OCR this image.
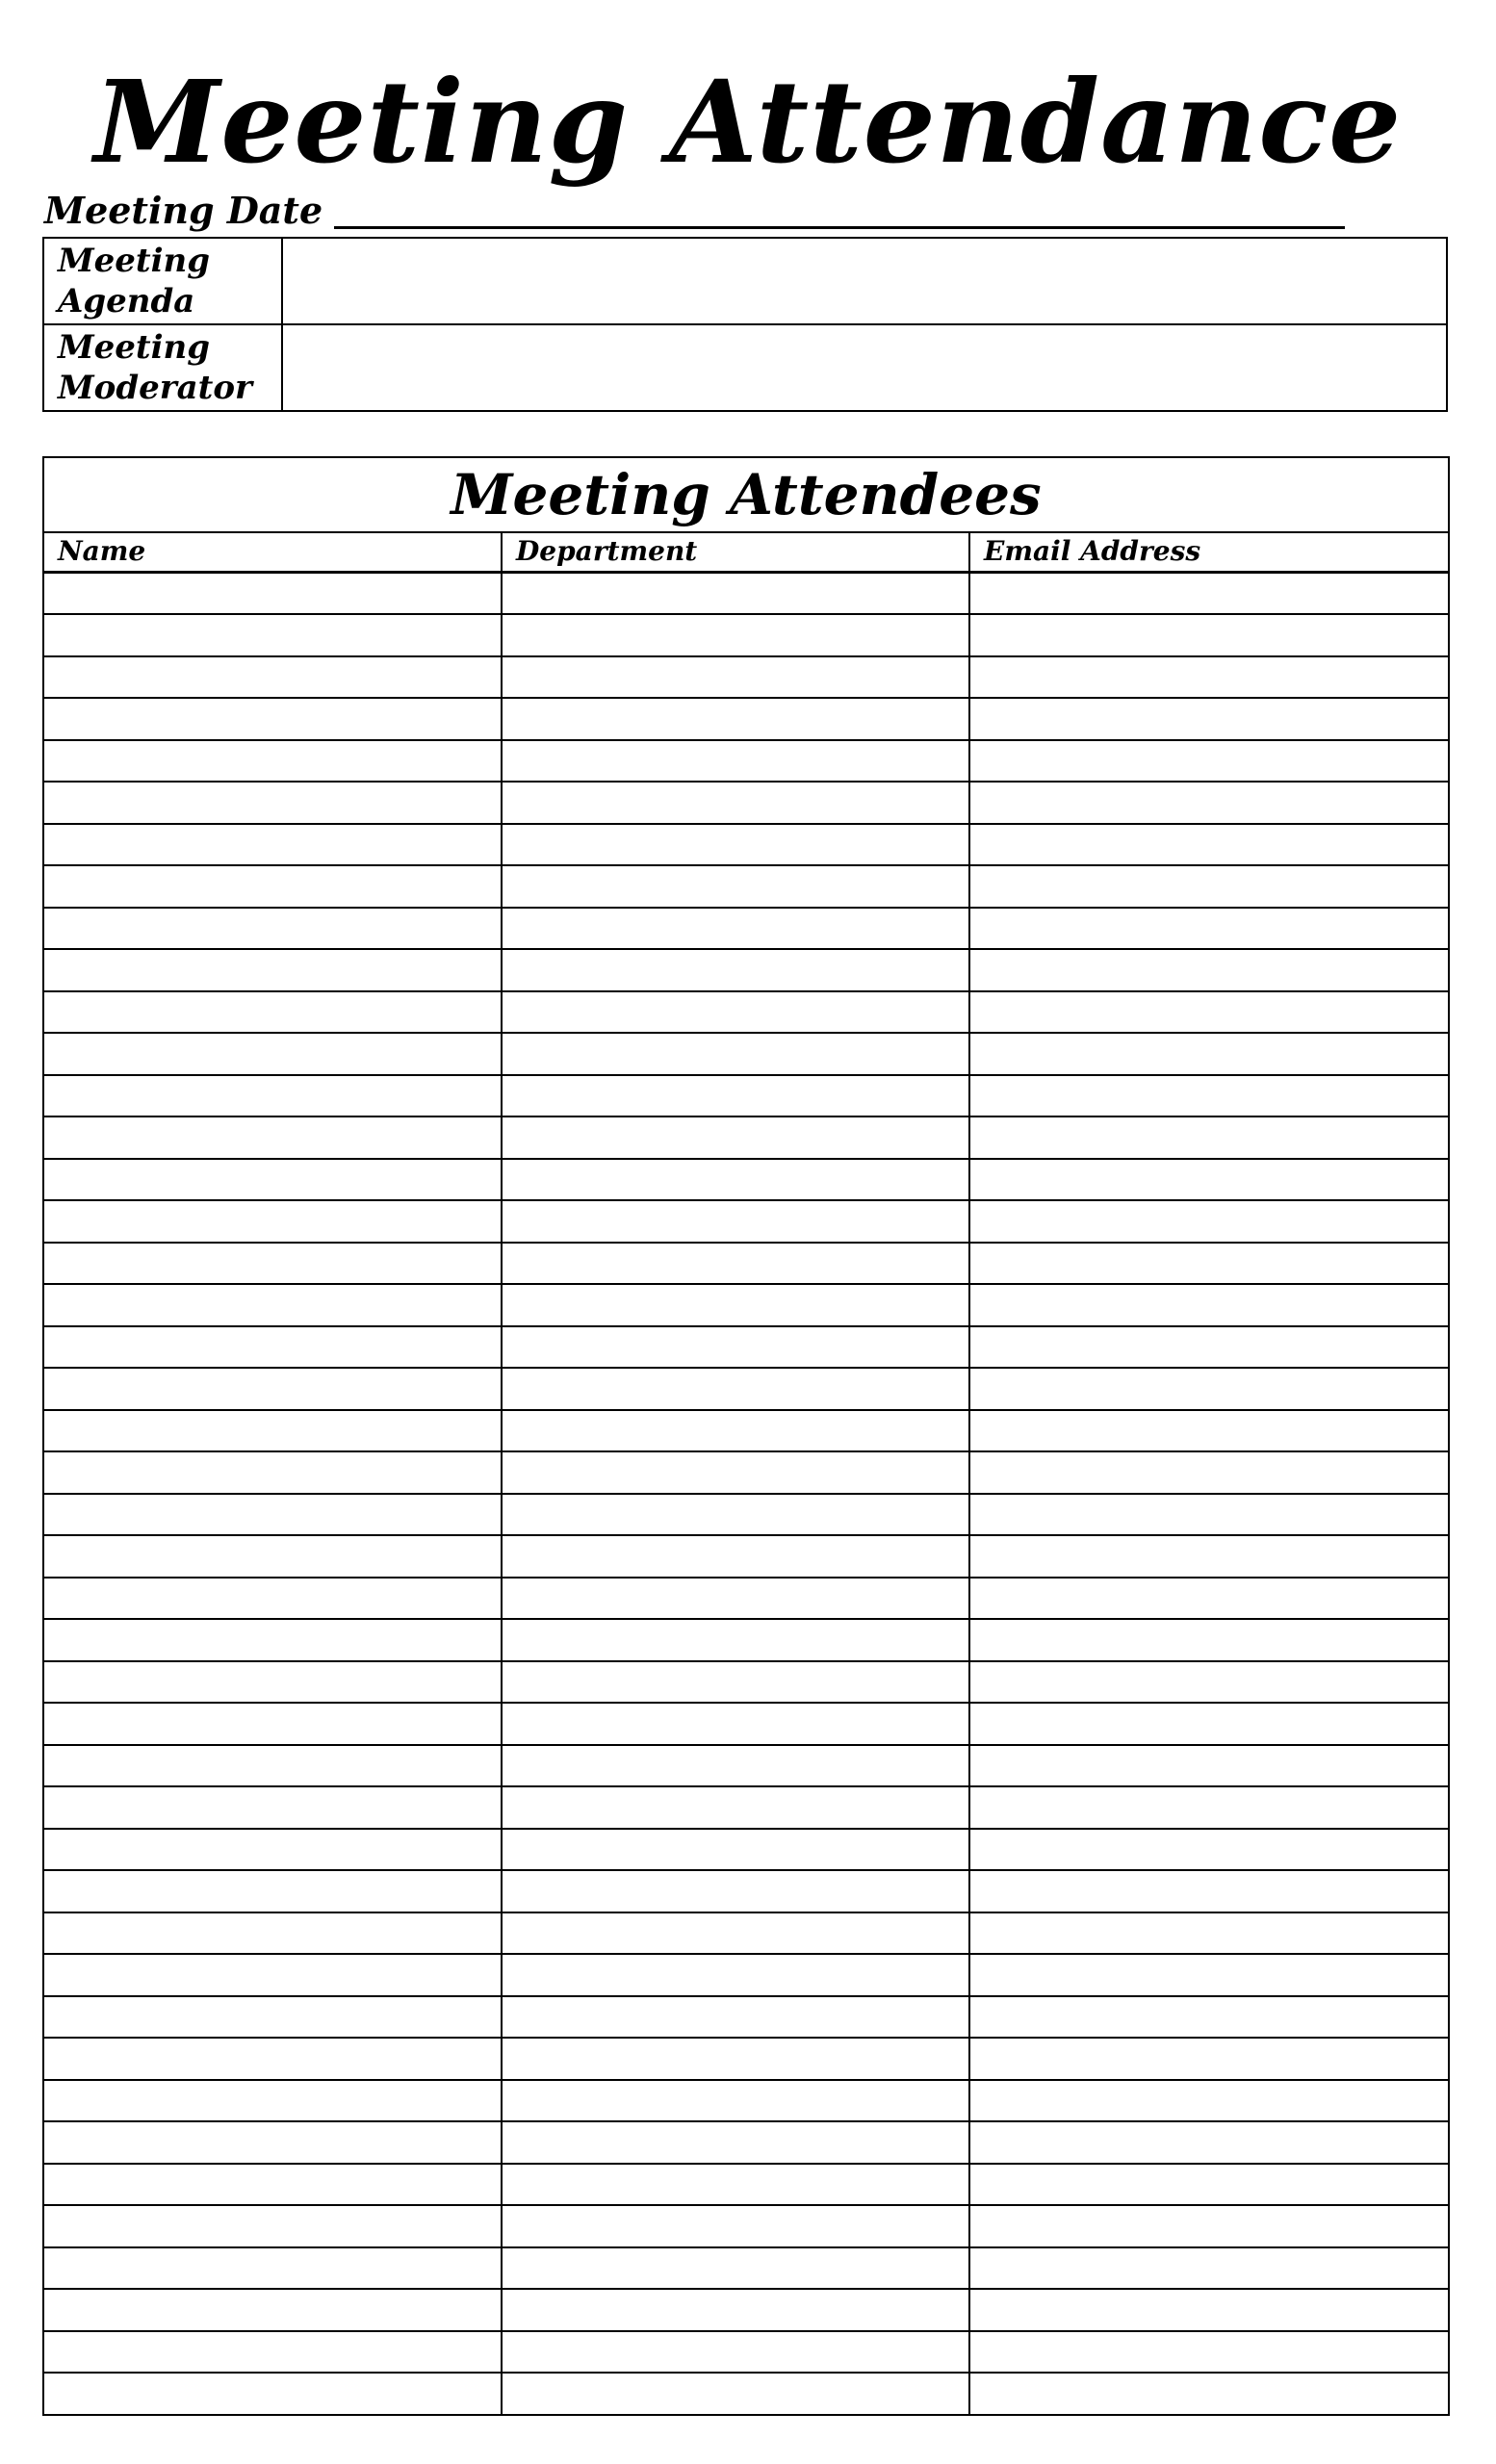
Meeting Attendance
Meeting Date
Meeting
Agenda	

Meeting
Moderator	

Meeting Attendees
Name	Department	Email Address
